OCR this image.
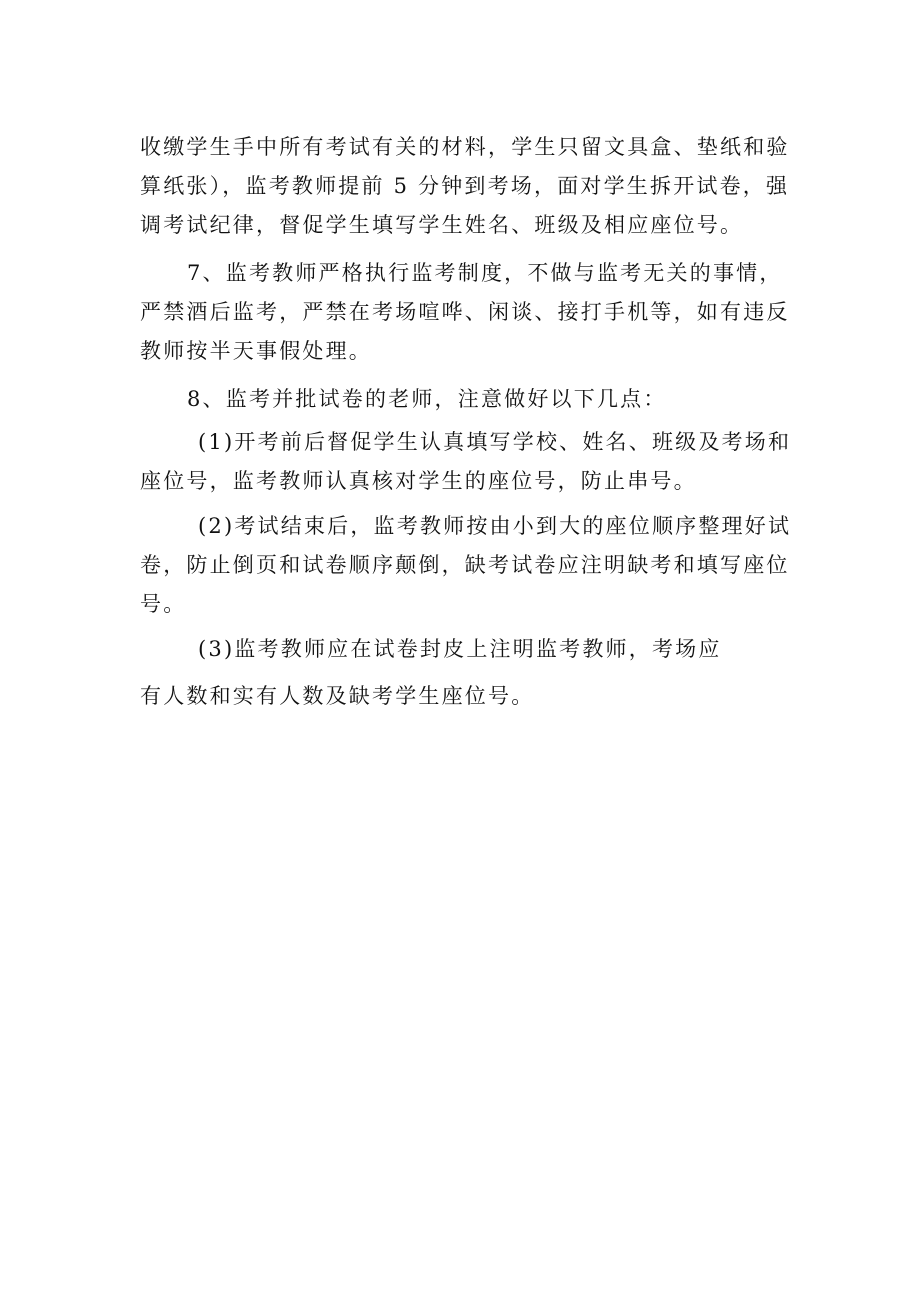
收缴学生手中所有考试有关的材料，学生只留文具盒、垫纸和验
算纸张），监考教师提前 5 分钟到考场，面对学生拆开试卷，强
调考试纪律，督促学生填写学生姓名、班级及相应座位号。

7、监考教师严格执行监考制度，不做与监考无关的事情，
严禁酒后监考，严禁在考场喧哗、闲谈、接打手机等，如有违反
教师按半天事假处理。

8、监考并批试卷的老师，注意做好以下几点：

(1)开考前后督促学生认真填写学校、姓名、班级及考场和
座位号，监考教师认真核对学生的座位号，防止串号。

(2)考试结束后，监考教师按由小到大的座位顺序整理好试
卷，防止倒页和试卷顺序颠倒，缺考试卷应注明缺考和填写座位
号。

(3)监考教师应在试卷封皮上注明监考教师，考场应
有人数和实有人数及缺考学生座位号。
